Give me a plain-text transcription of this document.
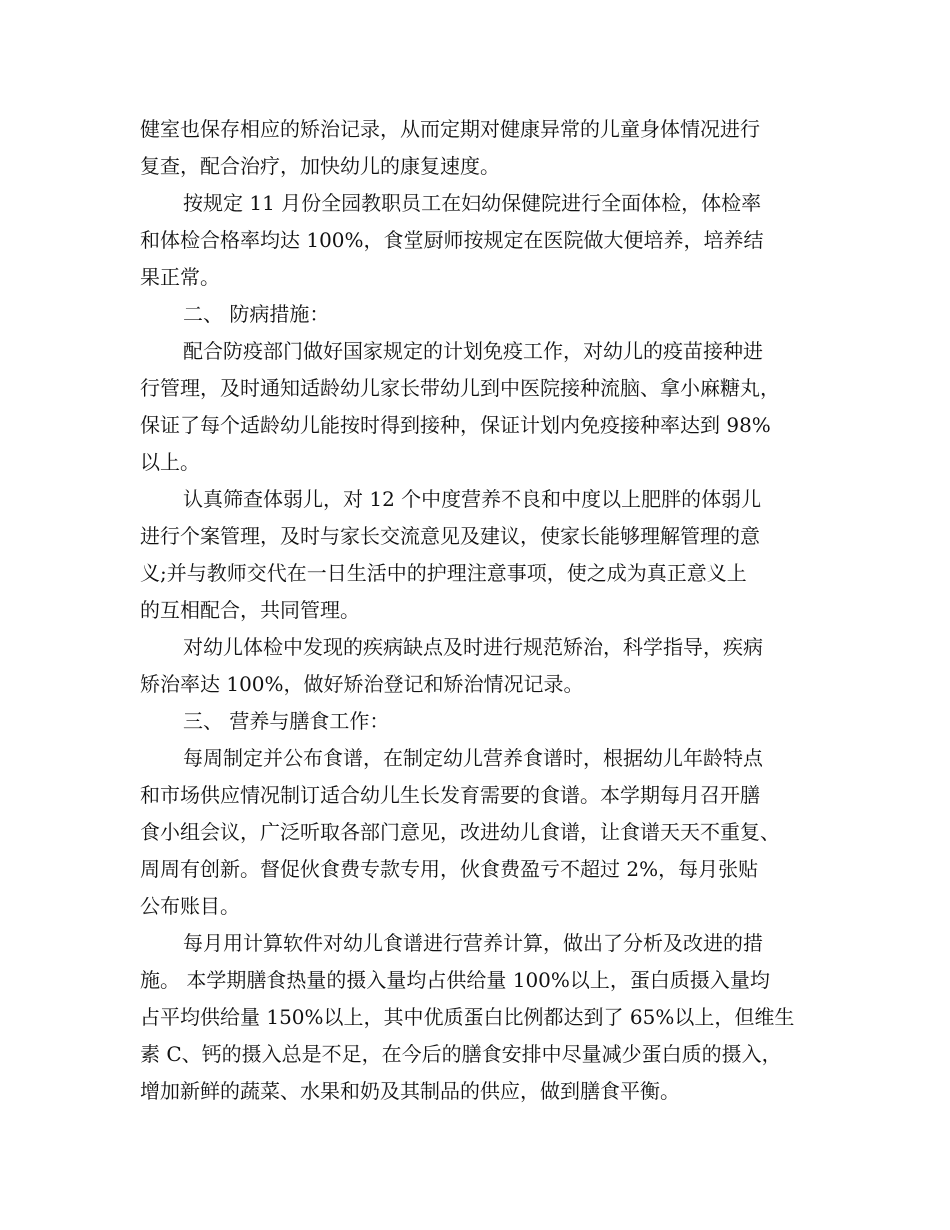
健室也保存相应的矫治记录，从而定期对健康异常的儿童身体情况进行
复查，配合治疗，加快幼儿的康复速度。

按规定 11 月份全园教职员工在妇幼保健院进行全面体检，体检率
和体检合格率均达 100%，食堂厨师按规定在医院做大便培养，培养结
果正常。

二、 防病措施：

配合防疫部门做好国家规定的计划免疫工作，对幼儿的疫苗接种进
行管理，及时通知适龄幼儿家长带幼儿到中医院接种流脑、拿小麻糖丸，
保证了每个适龄幼儿能按时得到接种，保证计划内免疫接种率达到 98%
以上。

认真筛查体弱儿，对 12 个中度营养不良和中度以上肥胖的体弱儿
进行个案管理，及时与家长交流意见及建议，使家长能够理解管理的意
义;并与教师交代在一日生活中的护理注意事项，使之成为真正意义上
的互相配合，共同管理。

对幼儿体检中发现的疾病缺点及时进行规范矫治，科学指导，疾病
矫治率达 100%，做好矫治登记和矫治情况记录。

三、 营养与膳食工作：

每周制定并公布食谱，在制定幼儿营养食谱时，根据幼儿年龄特点
和市场供应情况制订适合幼儿生长发育需要的食谱。本学期每月召开膳
食小组会议，广泛听取各部门意见，改进幼儿食谱，让食谱天天不重复、
周周有创新。督促伙食费专款专用，伙食费盈亏不超过 2%，每月张贴
公布账目。

每月用计算软件对幼儿食谱进行营养计算，做出了分析及改进的措
施。 本学期膳食热量的摄入量均占供给量 100%以上，蛋白质摄入量均
占平均供给量 150%以上，其中优质蛋白比例都达到了 65%以上，但维生
素 C、钙的摄入总是不足，在今后的膳食安排中尽量减少蛋白质的摄入，
增加新鲜的蔬菜、水果和奶及其制品的供应，做到膳食平衡。
